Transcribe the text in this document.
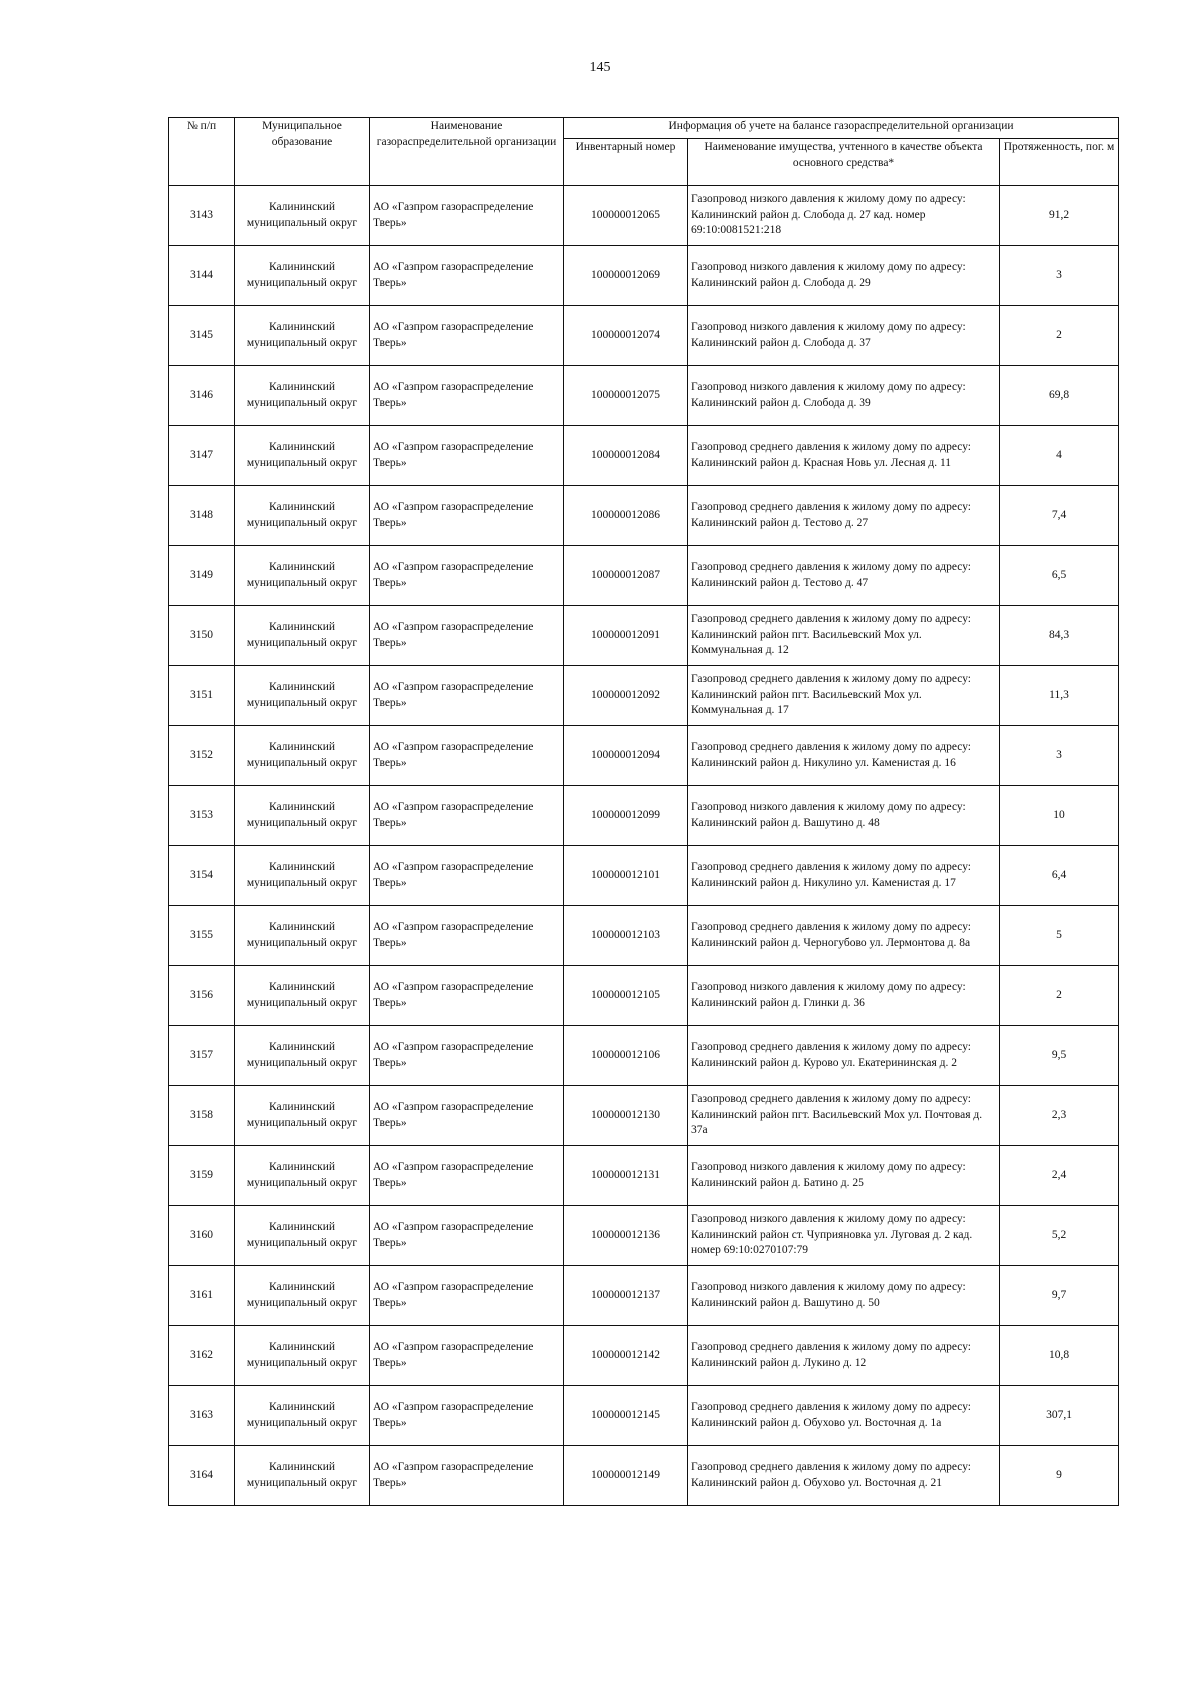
145
№ п/п	Муниципальное образование	Наименование газораспределительной организации	Информация об учете на балансе газораспределительной организации		
			Инвентарный номер	Наименование имущества, учтенного в качестве объекта основного средства*	Протяженность, пог. м
3143	Калининский муниципальный округ	АО «Газпром газораспределение Тверь»	100000012065	Газопровод низкого давления к жилому дому по адресу: Калининский район д. Слобода д. 27 кад. номер 69:10:0081521:218	91,2
3144	Калининский муниципальный округ	АО «Газпром газораспределение Тверь»	100000012069	Газопровод низкого давления к жилому дому по адресу: Калининский район д. Слобода д. 29	3
3145	Калининский муниципальный округ	АО «Газпром газораспределение Тверь»	100000012074	Газопровод низкого давления к жилому дому по адресу: Калининский район д. Слобода д. 37	2
3146	Калининский муниципальный округ	АО «Газпром газораспределение Тверь»	100000012075	Газопровод низкого давления к жилому дому по адресу: Калининский район д. Слобода д. 39	69,8
3147	Калининский муниципальный округ	АО «Газпром газораспределение Тверь»	100000012084	Газопровод среднего давления к жилому дому по адресу: Калининский район д. Красная Новь ул. Лесная д. 11	4
3148	Калининский муниципальный округ	АО «Газпром газораспределение Тверь»	100000012086	Газопровод среднего давления к жилому дому по адресу: Калининский район д. Тестово д. 27	7,4
3149	Калининский муниципальный округ	АО «Газпром газораспределение Тверь»	100000012087	Газопровод среднего давления к жилому дому по адресу: Калининский район д. Тестово д. 47	6,5
3150	Калининский муниципальный округ	АО «Газпром газораспределение Тверь»	100000012091	Газопровод среднего давления к жилому дому по адресу: Калининский район пгт. Васильевский Мох ул. Коммунальная д. 12	84,3
3151	Калининский муниципальный округ	АО «Газпром газораспределение Тверь»	100000012092	Газопровод среднего давления к жилому дому по адресу: Калининский район пгт. Васильевский Мох ул. Коммунальная д. 17	11,3
3152	Калининский муниципальный округ	АО «Газпром газораспределение Тверь»	100000012094	Газопровод среднего давления к жилому дому по адресу: Калининский район д. Никулино ул. Каменистая д. 16	3
3153	Калининский муниципальный округ	АО «Газпром газораспределение Тверь»	100000012099	Газопровод низкого давления к жилому дому по адресу: Калининский район д. Вашутино д. 48	10
3154	Калининский муниципальный округ	АО «Газпром газораспределение Тверь»	100000012101	Газопровод среднего давления к жилому дому по адресу: Калининский район д. Никулино ул. Каменистая д. 17	6,4
3155	Калининский муниципальный округ	АО «Газпром газораспределение Тверь»	100000012103	Газопровод среднего давления к жилому дому по адресу: Калининский район д. Черногубово ул. Лермонтова д. 8а	5
3156	Калининский муниципальный округ	АО «Газпром газораспределение Тверь»	100000012105	Газопровод низкого давления к жилому дому по адресу: Калининский район д. Глинки д. 36	2
3157	Калининский муниципальный округ	АО «Газпром газораспределение Тверь»	100000012106	Газопровод среднего давления к жилому дому по адресу: Калининский район д. Курово ул. Екатерининская д. 2	9,5
3158	Калининский муниципальный округ	АО «Газпром газораспределение Тверь»	100000012130	Газопровод среднего давления к жилому дому по адресу: Калининский район пгт. Васильевский Мох ул. Почтовая д. 37а	2,3
3159	Калининский муниципальный округ	АО «Газпром газораспределение Тверь»	100000012131	Газопровод низкого давления к жилому дому по адресу: Калининский район д. Батино д. 25	2,4
3160	Калининский муниципальный округ	АО «Газпром газораспределение Тверь»	100000012136	Газопровод низкого давления к жилому дому по адресу: Калининский район ст. Чуприяновка ул. Луговая д. 2 кад. номер 69:10:0270107:79	5,2
3161	Калининский муниципальный округ	АО «Газпром газораспределение Тверь»	100000012137	Газопровод низкого давления к жилому дому по адресу: Калининский район д. Вашутино д. 50	9,7
3162	Калининский муниципальный округ	АО «Газпром газораспределение Тверь»	100000012142	Газопровод среднего давления к жилому дому по адресу: Калининский район д. Лукино д. 12	10,8
3163	Калининский муниципальный округ	АО «Газпром газораспределение Тверь»	100000012145	Газопровод среднего давления к жилому дому по адресу: Калининский район д. Обухово ул. Восточная д. 1а	307,1
3164	Калининский муниципальный округ	АО «Газпром газораспределение Тверь»	100000012149	Газопровод среднего давления к жилому дому по адресу: Калининский район д. Обухово ул. Восточная д. 21	9
